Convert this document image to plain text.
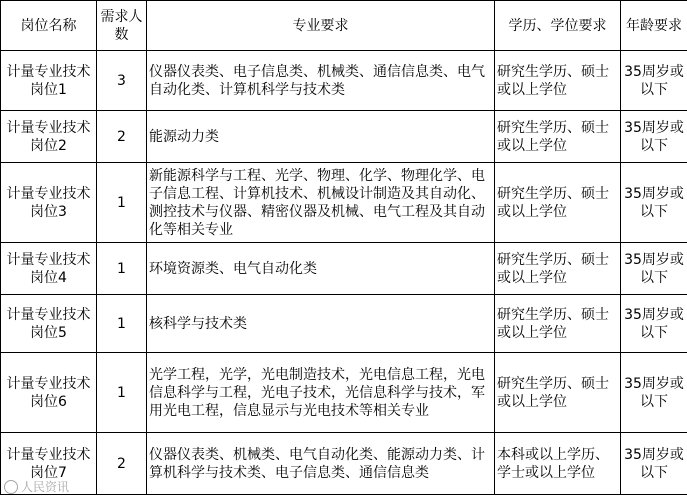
岗位名称	需求人数	专业要求	学历、学位要求	年龄要求
计量专业技术岗位1	3	仪器仪表类、电子信息类、机械类、通信信息类、电气自动化类、计算机科学与技术类	研究生学历、硕士或以上学位	35周岁或以下
计量专业技术岗位2	2	能源动力类	研究生学历、硕士或以上学位	35周岁或以下
计量专业技术岗位3	1	新能源科学与工程、光学、物理、化学、物理化学、电子信息工程、计算机技术、机械设计制造及其自动化、测控技术与仪器、精密仪器及机械、电气工程及其自动化等相关专业	研究生学历、硕士或以上学位	35周岁或以下
计量专业技术岗位4	1	环境资源类、电气自动化类	研究生学历、硕士或以上学位	35周岁或以下
计量专业技术岗位5	1	核科学与技术类	研究生学历、硕士或以上学位	35周岁或以下
计量专业技术岗位6	1	光学工程，光学，光电制造技术，光电信息工程，光电信息科学与工程，光电子技术，光信息科学与技术，军用光电工程，信息显示与光电技术等相关专业	研究生学历、硕士或以上学位	35周岁或以下
计量专业技术岗位7	2	仪器仪表类、机械类、电气自动化类、能源动力类、计算机科学与技术类、电子信息类、通信信息类	本科或以上学历、学士或以上学位	35周岁或以下
人民资讯
